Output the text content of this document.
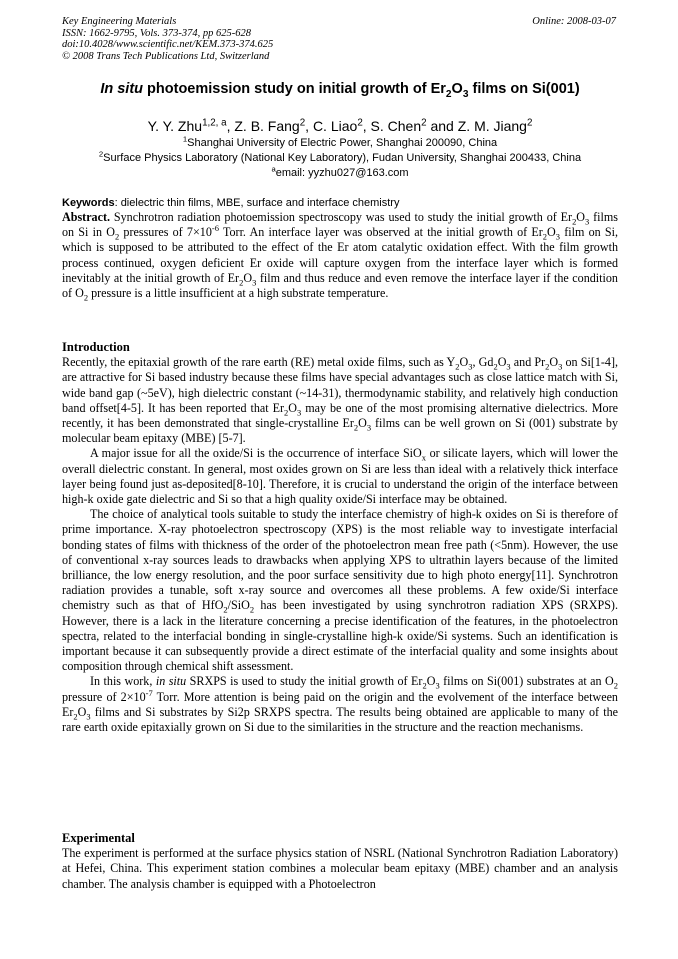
Key Engineering Materials
ISSN: 1662-9795, Vols. 373-374, pp 625-628
doi:10.4028/www.scientific.net/KEM.373-374.625
© 2008 Trans Tech Publications Ltd, Switzerland
Online: 2008-03-07
In situ photoemission study on initial growth of $Er_2O_3$ films on Si(001)
Y. Y. Zhu$^{1,2, a}$, Z. B. Fang$^2$, C. Liao$^2$, S. Chen$^2$ and Z. M. Jiang$^2$
$^1$Shanghai University of Electric Power, Shanghai 200090, China
$^2$Surface Physics Laboratory (National Key Laboratory), Fudan University, Shanghai 200433, China
$^a$email: yyzhu027@163.com
Keywords: dielectric thin films, MBE, surface and interface chemistry

Abstract. Synchrotron radiation photoemission spectroscopy was used to study the initial growth of $Er_2O_3$ films on Si in $O_2$ pressures of $7\times 10^{-6}$ Torr. An interface layer was observed at the initial growth of $Er_2O_3$ film on Si, which is supposed to be attributed to the effect of the Er atom catalytic oxidation effect. With the film growth process continued, oxygen deficient Er oxide will capture oxygen from the interface layer which is formed inevitably at the initial growth of $Er_2O_3$ film and thus reduce and even remove the interface layer if the condition of $O_2$ pressure is a little insufficient at a high substrate temperature.

Introduction

Recently, the epitaxial growth of the rare earth (RE) metal oxide films, such as $Y_2O_3$, $Gd_2O_3$ and $Pr_2O_3$ on Si[1-4], are attractive for Si based industry because these films have special advantages such as close lattice match with Si, wide band gap (~5eV), high dielectric constant (~14-31), thermodynamic stability, and relatively high conduction band offset[4-5]. It has been reported that $Er_2O_3$ may be one of the most promising alternative dielectrics. More recently, it has been demonstrated that single-crystalline $Er_2O_3$ films can be well grown on Si (001) substrate by molecular beam epitaxy (MBE) [5-7].

A major issue for all the oxide/Si is the occurrence of interface SiO$_x$ or silicate layers, which will lower the overall dielectric constant. In general, most oxides grown on Si are less than ideal with a relatively thick interface layer being found just as-deposited[8-10]. Therefore, it is crucial to understand the origin of the interface between high-k oxide gate dielectric and Si so that a high quality oxide/Si interface may be obtained.

The choice of analytical tools suitable to study the interface chemistry of high-k oxides on Si is therefore of prime importance. X-ray photoelectron spectroscopy (XPS) is the most reliable way to investigate interfacial bonding states of films with thickness of the order of the photoelectron mean free path (<5nm). However, the use of conventional x-ray sources leads to drawbacks when applying XPS to ultrathin layers because of the limited brilliance, the low energy resolution, and the poor surface sensitivity due to high photo energy[11]. Synchrotron radiation provides a tunable, soft x-ray source and overcomes all these problems. A few oxide/Si interface chemistry such as that of HfO$_2$/SiO$_2$ has been investigated by using synchrotron radiation XPS (SRXPS). However, there is a lack in the literature concerning a precise identification of the features, in the photoelectron spectra, related to the interfacial bonding in single-crystalline high-k oxide/Si systems. Such an identification is important because it can subsequently provide a direct estimate of the interfacial quality and some insights about composition through chemical shift assessment.

In this work, in situ SRXPS is used to study the initial growth of $Er_2O_3$ films on Si(001) substrates at an $O_2$ pressure of $2\times 10^{-7}$ Torr. More attention is being paid on the origin and the evolvement of the interface between $Er_2O_3$ films and Si substrates by Si2p SRXPS spectra. The results being obtained are applicable to many of the rare earth oxide epitaxially grown on Si due to the similarities in the structure and the reaction mechanisms.

Experimental

The experiment is performed at the surface physics station of NSRL (National Synchrotron Radiation Laboratory) at Hefei, China. This experiment station combines a molecular beam epitaxy (MBE) chamber and an analysis chamber. The analysis chamber is equipped with a Photoelectron
